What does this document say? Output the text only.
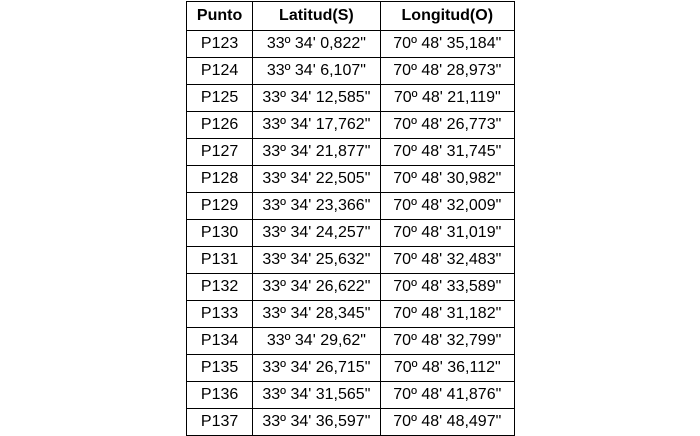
Punto	Latitud(S)	Longitud(O)
P123	33º 34' 0,822"	70º 48' 35,184"
P124	33º 34' 6,107"	70º 48' 28,973"
P125	33º 34' 12,585"	70º 48' 21,119"
P126	33º 34' 17,762"	70º 48' 26,773"
P127	33º 34' 21,877"	70º 48' 31,745"
P128	33º 34' 22,505"	70º 48' 30,982"
P129	33º 34' 23,366"	70º 48' 32,009"
P130	33º 34' 24,257"	70º 48' 31,019"
P131	33º 34' 25,632"	70º 48' 32,483"
P132	33º 34' 26,622"	70º 48' 33,589"
P133	33º 34' 28,345"	70º 48' 31,182"
P134	33º 34' 29,62"	70º 48' 32,799"
P135	33º 34' 26,715"	70º 48' 36,112"
P136	33º 34' 31,565"	70º 48' 41,876"
P137	33º 34' 36,597"	70º 48' 48,497"
